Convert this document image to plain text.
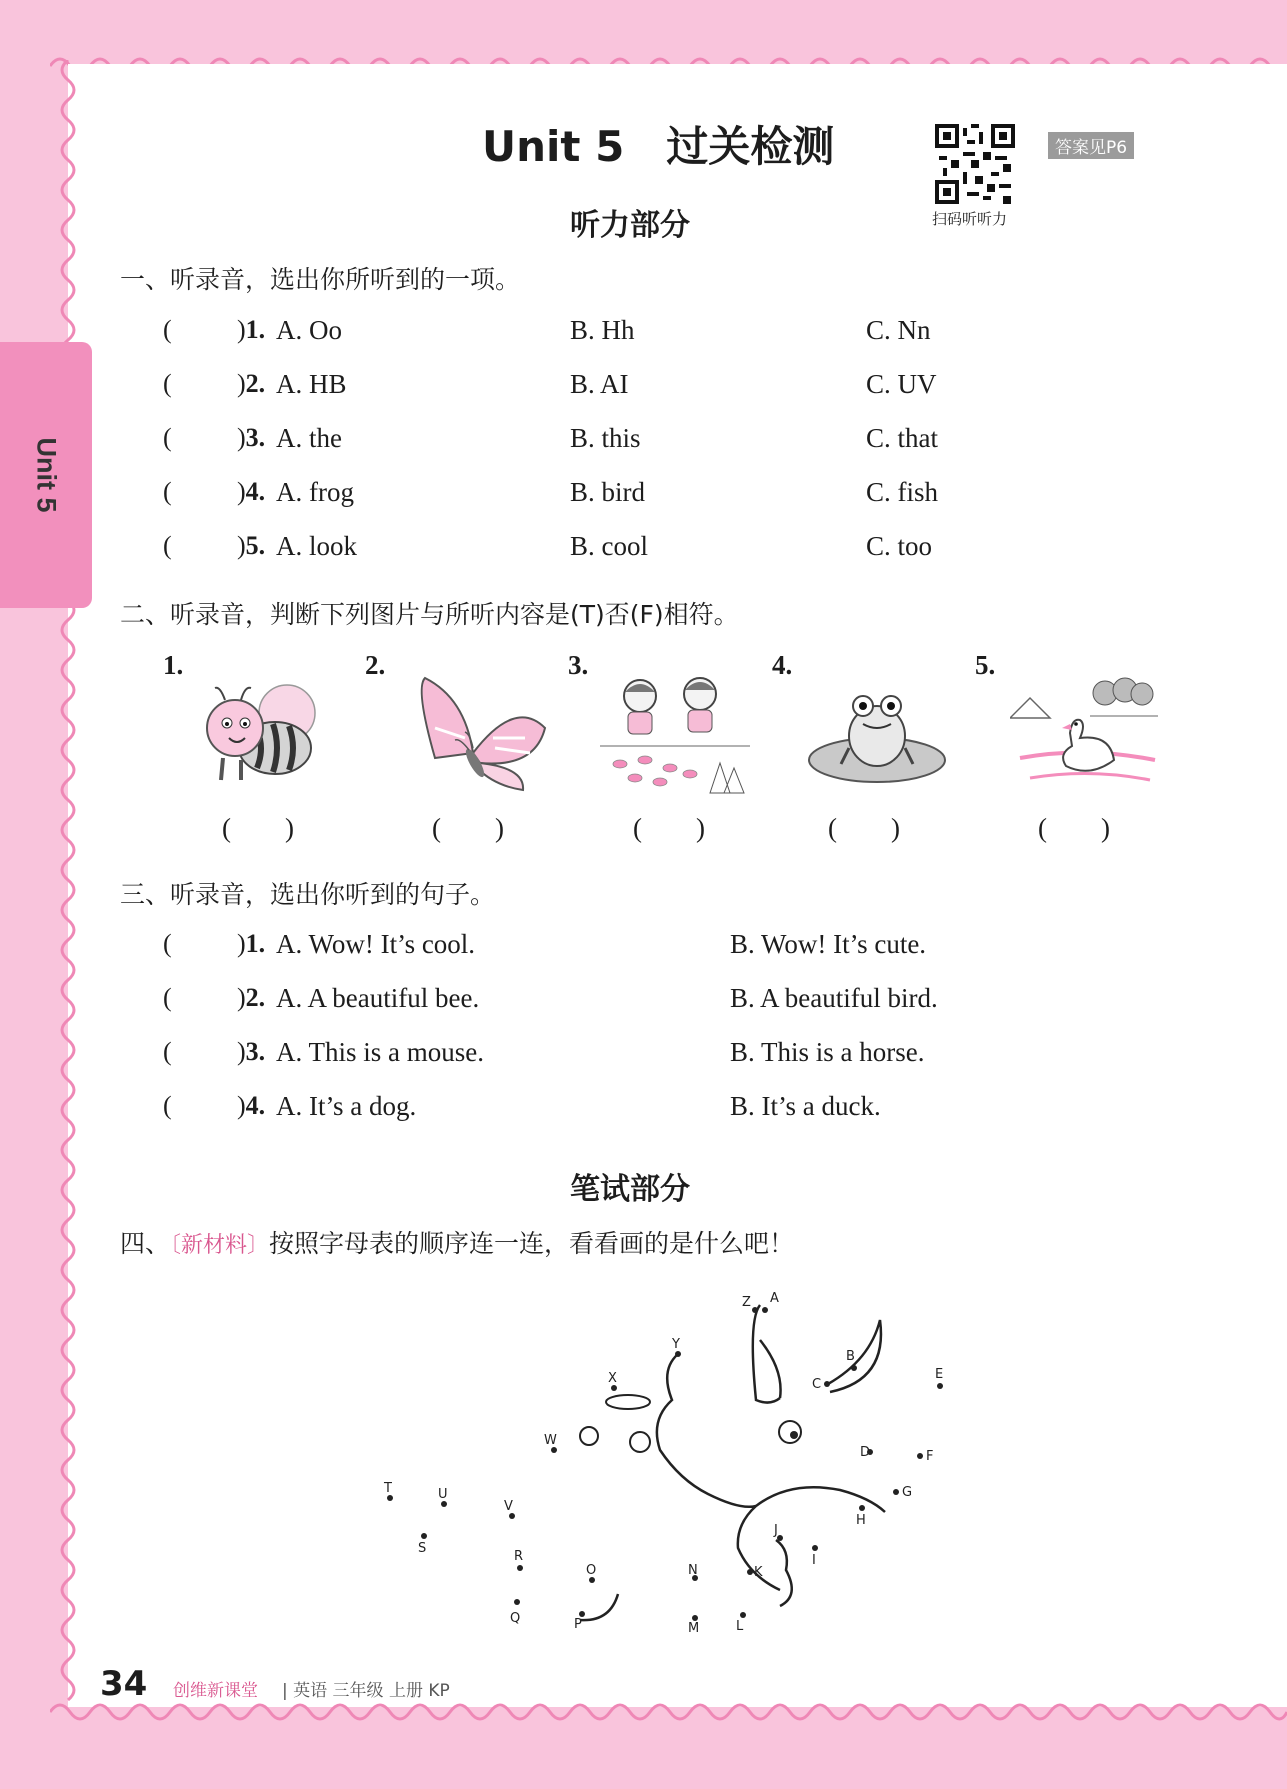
Unit 5
Unit 5　过关检测
扫码听听力
答案见P6
听力部分
一、听录音，选出你所听到的一项。
(	)1. A. Oo	B. Hh	C. Nn
(	)2. A. HB	B. AI	C. UV
(	)3. A. the	B. this	C. that
(	)4. A. frog	B. bird	C. fish
(	)5. A. look	B. cool	C. too
二、听录音，判断下列图片与所听内容是(T)否(F)相符。
1.	2.	3.	4.	5.
(　　)	(　　)	(　　)	(　　)	(　　)
三、听录音，选出你听到的句子。
(	)1. A. Wow! It’s cool.	B. Wow! It’s cute.
(	)2. A. A beautiful bee.	B. A beautiful bird.
(	)3. A. This is a mouse.	B. This is a horse.
(	)4. A. It’s a dog.	B. It’s a duck.
笔试部分
四、〔新材料〕按照字母表的顺序连一连，看看画的是什么吧！
A
B
C
D
E
F
G
H
I
J
K
L
M
N
O
P
Q
R
S
T	U
V
W
X
Y
Z
34 创维新课堂 | 英语 三年级 上册 KP
